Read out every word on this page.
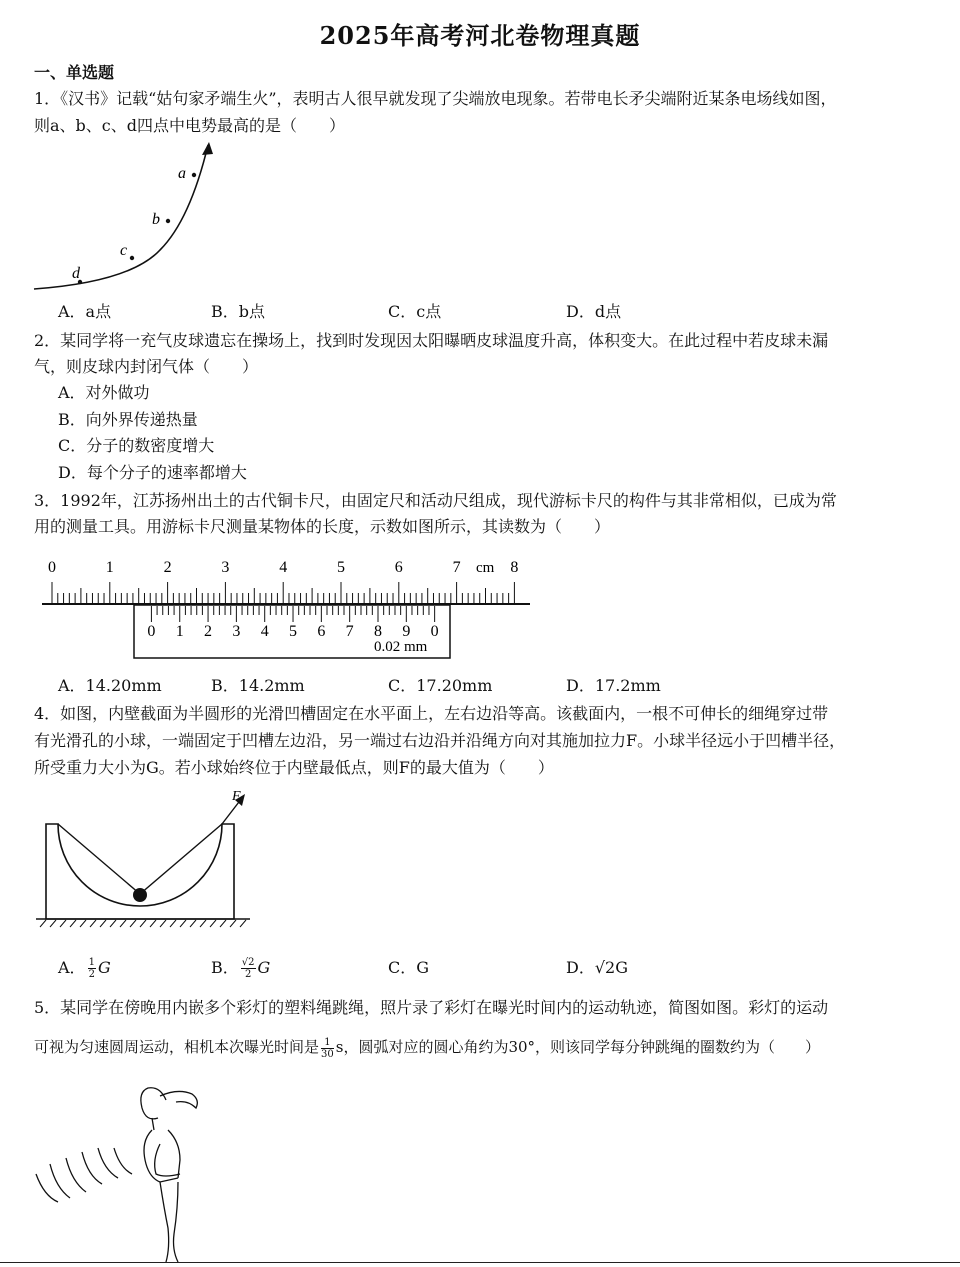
2025年高考河北卷物理真题
一、单选题
1．《汉书》记载“姑句家矛端生火”，表明古人很早就发现了尖端放电现象。若带电长矛尖端附近某条电场线如图，
则a、b、c、d四点中电势最高的是（　　）
a
b
c
d
A．a点	B．b点	C．c点	D．d点
2．某同学将一充气皮球遗忘在操场上，找到时发现因太阳曝晒皮球温度升高，体积变大。在此过程中若皮球未漏
气，则皮球内封闭气体（　　）
A．对外做功
B．向外界传递热量
C．分子的数密度增大
D．每个分子的速率都增大
3．1992年，江苏扬州出土的古代铜卡尺，由固定尺和活动尺组成，现代游标卡尺的构件与其非常相似，已成为常
用的测量工具。用游标卡尺测量某物体的长度，示数如图所示，其读数为（　　）
0	1	2	3	4	5	6	7	8
cm
0 1 2 3 4 5 6 7 8 9 0
0.02 mm
A．14.20mm	B．14.2mm	C．17.20mm	D．17.2mm
4．如图，内壁截面为半圆形的光滑凹槽固定在水平面上，左右边沿等高。该截面内，一根不可伸长的细绳穿过带
有光滑孔的小球，一端固定于凹槽左边沿，另一端过右边沿并沿绳方向对其施加拉力F。小球半径远小于凹槽半径，
所受重力大小为G。若小球始终位于内壁最低点，则F的最大值为（　　）
F
A． $\frac{1}{2}$ G	B． $\frac{√2}{2}$ G	C．G	D．√2G
5．某同学在傍晚用内嵌多个彩灯的塑料绳跳绳，照片录了彩灯在曝光时间内的运动轨迹，简图如图。彩灯的运动
可视为匀速圆周运动，相机本次曝光时间是 $\frac{1}{30}$ s，圆弧对应的圆心角约为30°，则该同学每分钟跳绳的圈数约为（　　）
